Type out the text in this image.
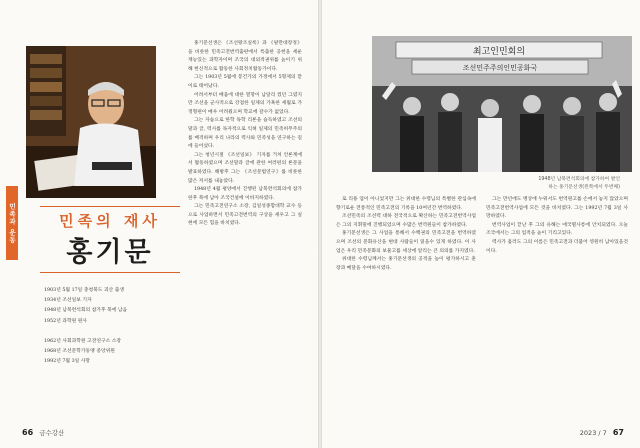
민족과 운동	민족의 재사
홍기문

1903년 5월 17일 충청북도 괴산 출생

1934년 조선일보 기자

1948년 남북련석회의 참가후 북에 남음

1952년 과학원 원사

1962년 사회과학원 고전연구소 소장

1968년 조선문학가동맹 중앙위원

1992년 7월 3일 사망

홍기문선생은 《조선왕조실록》과 《팔만대장경》을 비롯한 민족고전번역출판에서 특출한 공헌을 세운 재능있는 과학자이며 조국의 대외적권위를 높이기 위해 헌신적으로 활동한 사회정치활동가이다.

그는 1903년 5월에 봉건가의 가정에서 5형제의 맏이로 태어났다.

어려서부터 배움에 대한 열망이 남달리 컸던 그였지만 조선을 군사적으로 강점한 일제의 가혹한 세월로 가정형편이 매우 어려웠으며 학교에 갈수가 없었다.

그는 자습으로 한학 독학 리론을 습득하였고 조선의 말과 글, 력사를 독자적으로 익혀 일제의 민족허무주의를 배격하며 우리 나라의 력사와 민족성을 연구하는 길에 들어섰다.

그는 청년시절 《조선일보》 기자를 거쳐 언론계에서 활동하였으며 조선말과 글에 관한 여러편의 론문을 발표하였다. 해방후 그는 《조선문법연구》를 비롯한 많은 저서를 내놓았다.

1948년 4월 평양에서 진행된 남북련석회의에 참가한후 북에 남아 조국건설에 이바지하였다.

그는 민족고전연구소 소장, 김일성종합대학 교수 등으로 사업하면서 민족고전번역의 구상을 세우고 그 실현에 모든 힘을 바치였다.

66 금수강산
최고인민회의
조선민주주의인민공화국
1948년 남북련석회의에 참가하여 발언하는 홍기문선생(왼쪽에서 두번째)

로 리용 업이 아니었지만 그는 위대한 수령님의 특별한 관심속에 향기로운 전통적인 민족고전의 기록을 10여년간 번역하였다.

조선민족의 조선력 대하 전국적으로 확산하는 민족고전번역사업은 그의 지휘밑에 진행되었으며 수많은 번역원들이 참가하였다.

홍기문선생은 그 사업을 통해서 수백권의 민족고전을 번역하였으며 조선의 문화유산을 현대 사람들이 읽을수 있게 하였다. 이 사업은 우리 민족문화의 보물고를 세상에 알리는 큰 의의를 가지였다.

위대한 수령님께서는 홍기문선생의 공적을 높이 평가하시고 훈장과 메달을 수여하시였다.

그는 만년에도 병상에 누워서도 번역원고를 손에서 놓지 않았으며 민족고전번역사업에 모든 것을 바치였다. 그는 1992년 7월 3일 사망하였다.

번역사업이 끝난 후 그의 유해는 애국렬사릉에 안치되였다. 오늘 조국에서는 그의 업적을 높이 기리고있다.

력사가 흘러도 그의 이름은 민족고전과 더불어 영원히 남아있을것이다.

2023 / 7 67
